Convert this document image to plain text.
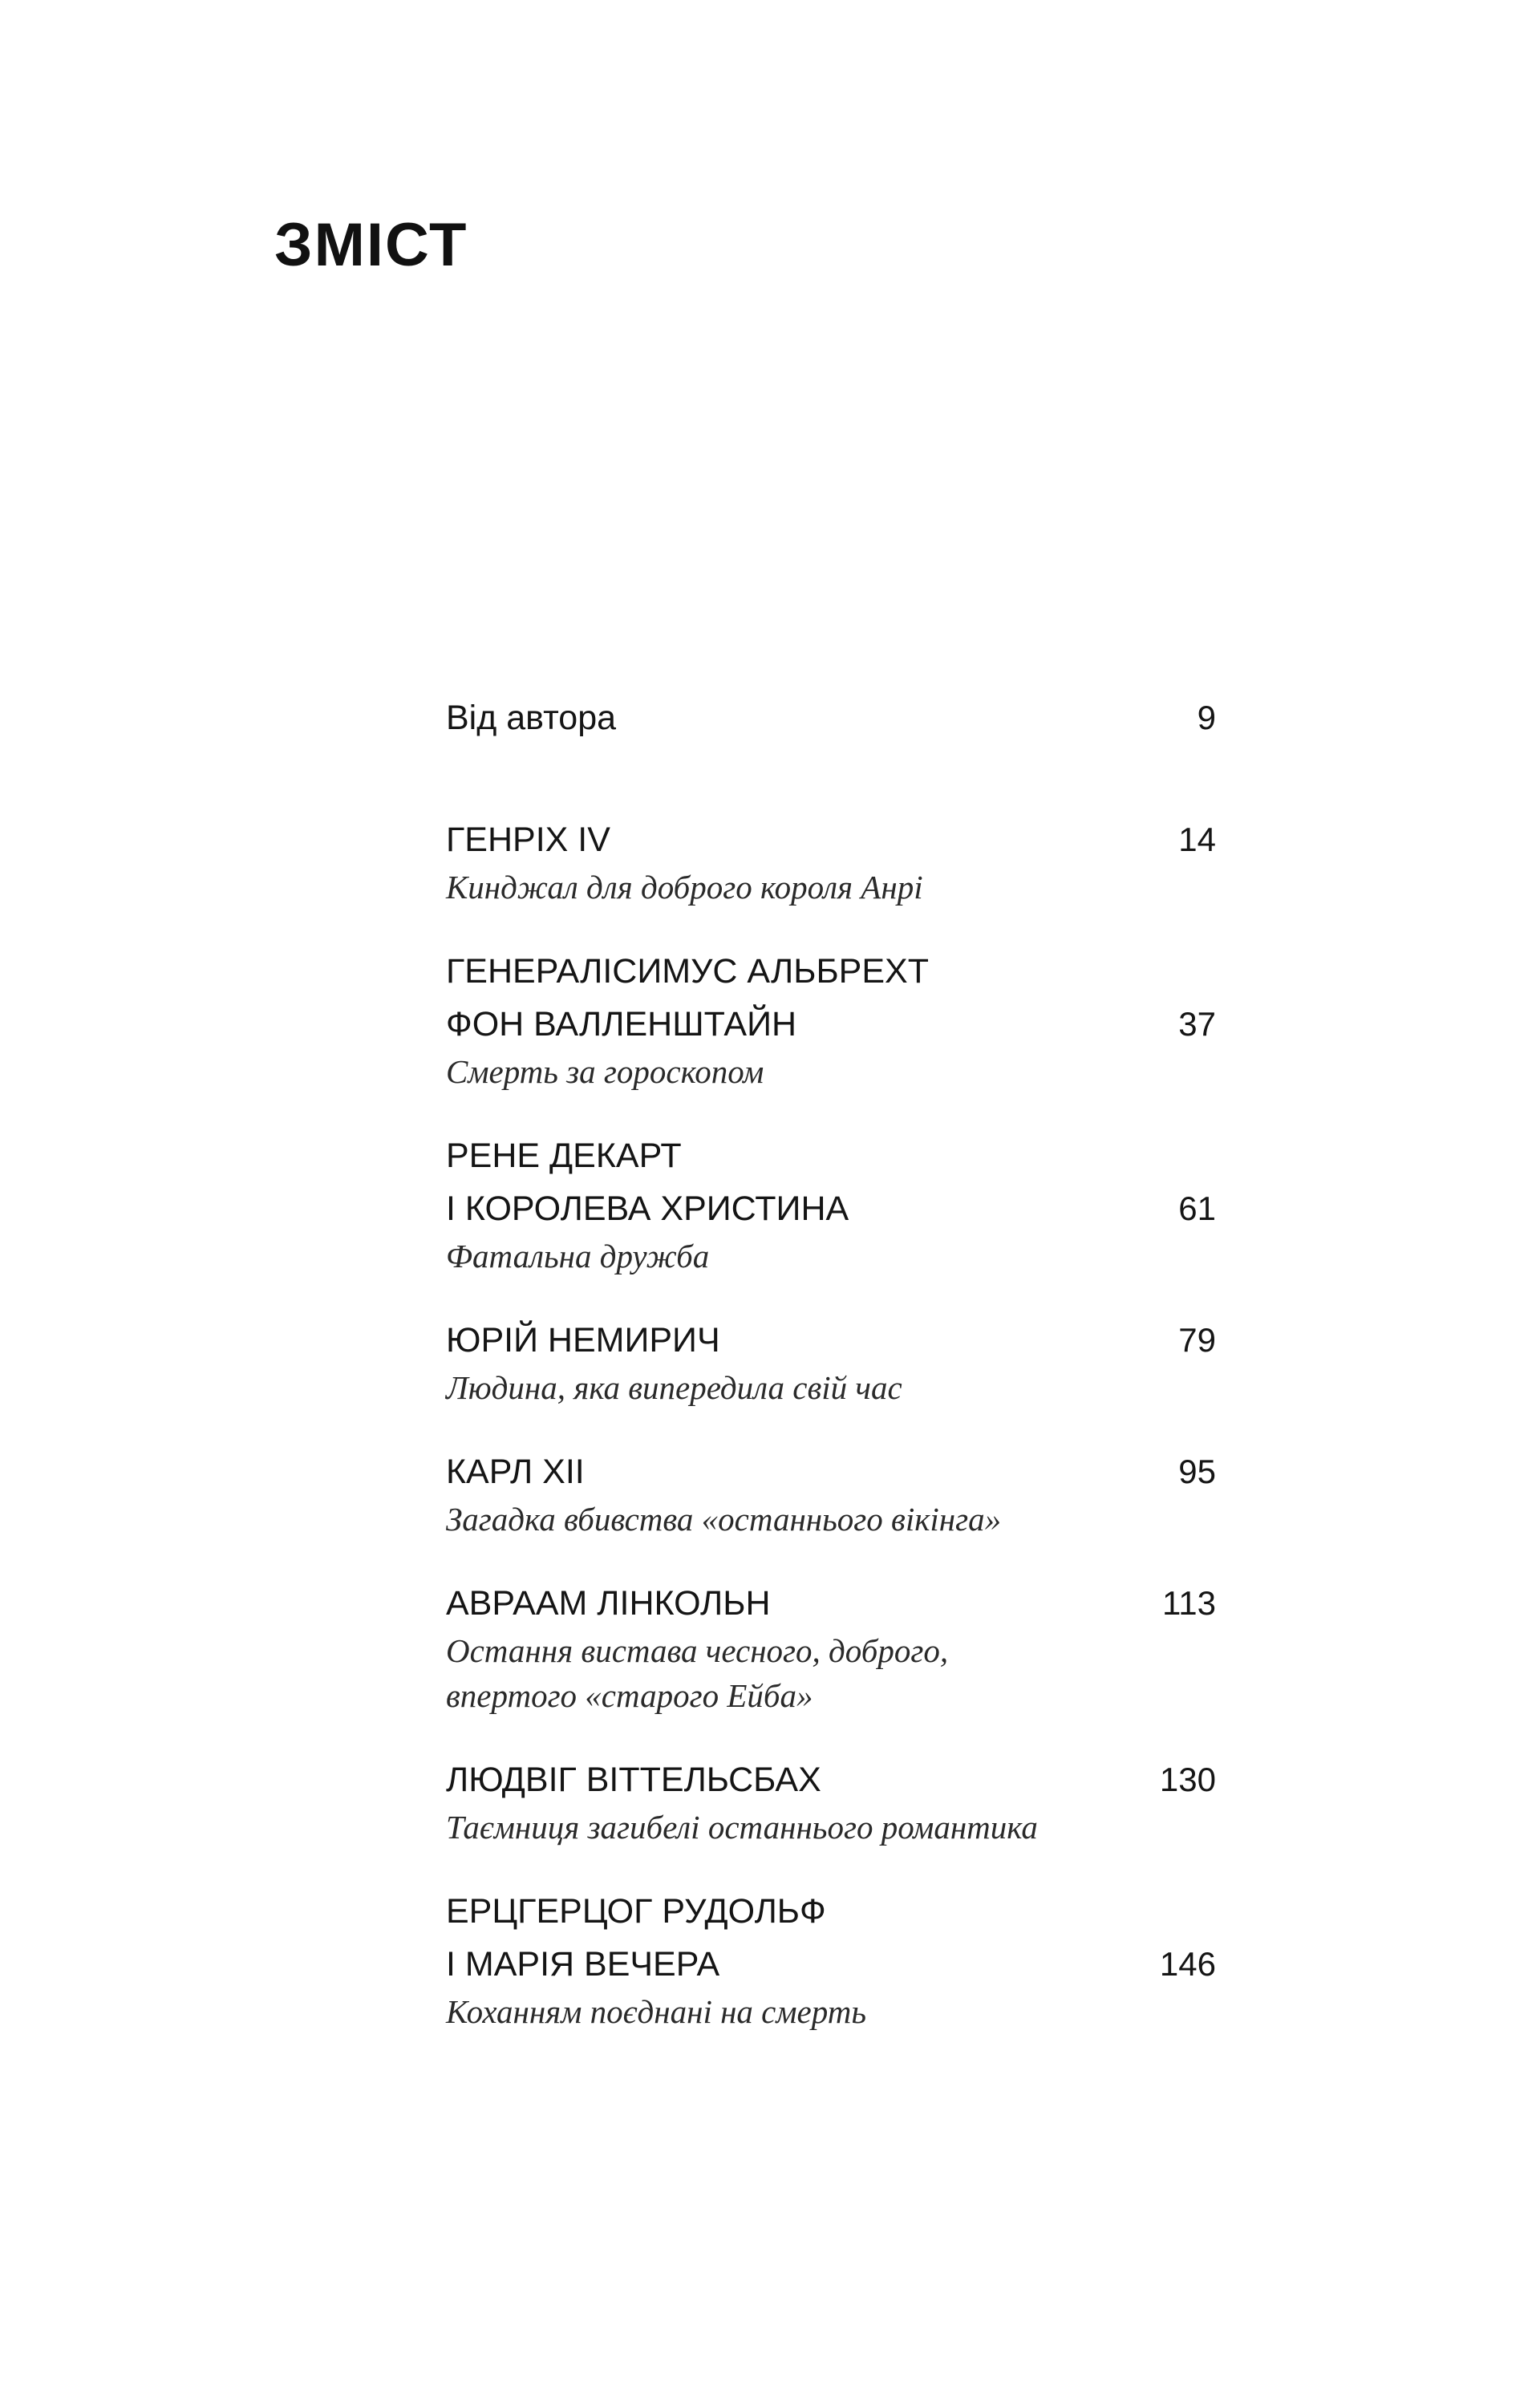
ЗМІСТ
Від автора	9
ГЕНРІХ IV	14
Кинджал для доброго короля Анрі
ГЕНЕРАЛІСИМУС АЛЬБРЕХТ
ФОН ВАЛЛЕНШТАЙН	37
Смерть за гороскопом
РЕНЕ ДЕКАРТ
І КОРОЛЕВА ХРИСТИНА	61
Фатальна дружба
ЮРІЙ НЕМИРИЧ	79
Людина, яка випередила свій час
КАРЛ XII	95
Загадка вбивства «останнього вікінга»
АВРААМ ЛІНКОЛЬН	113
Остання вистава чесного, доброго,
впертого «старого Ейба»
ЛЮДВІГ ВІТТЕЛЬСБАХ	130
Таємниця загибелі останнього романтика
ЕРЦГЕРЦОГ РУДОЛЬФ
І МАРІЯ ВЕЧЕРА	146
Коханням поєднані на смерть
